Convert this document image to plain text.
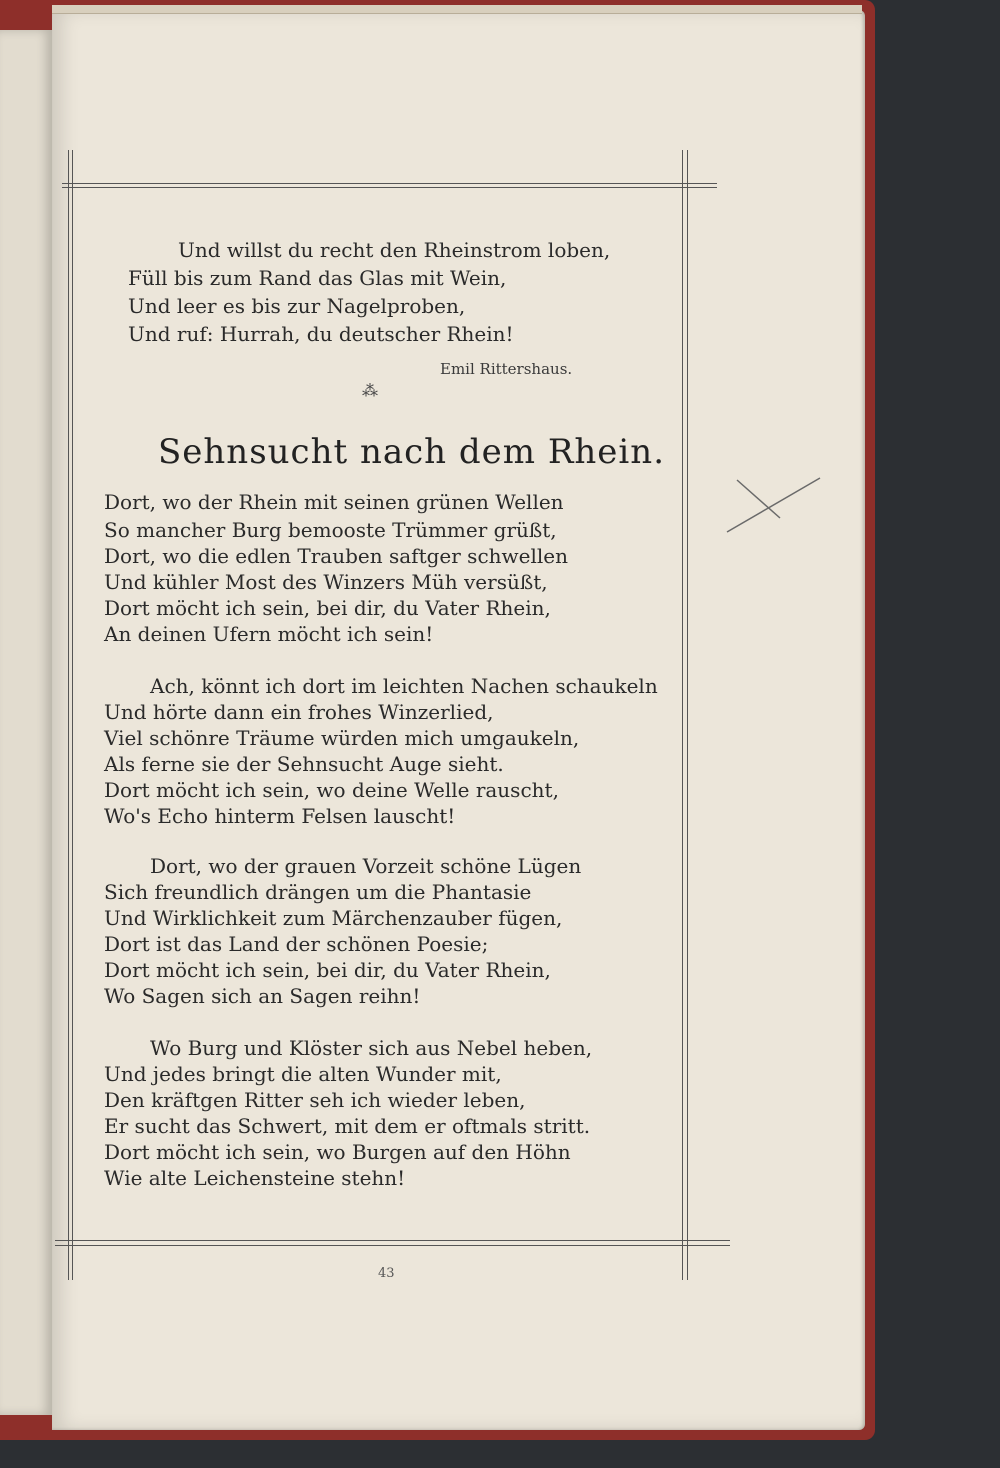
Und willst du recht den Rheinstrom loben,
Füll bis zum Rand das Glas mit Wein,
Und leer es bis zur Nagelproben,
Und ruf: Hurrah, du deutscher Rhein!
Emil Rittershaus.
⁂
Sehnsucht nach dem Rhein.
Dort, wo der Rhein mit seinen grünen Wellen
So mancher Burg bemooste Trümmer grüßt,
Dort, wo die edlen Trauben saftger schwellen
Und kühler Most des Winzers Müh versüßt,
Dort möcht ich sein, bei dir, du Vater Rhein,
An deinen Ufern möcht ich sein!
Ach, könnt ich dort im leichten Nachen schaukeln
Und hörte dann ein frohes Winzerlied,
Viel schönre Träume würden mich umgaukeln,
Als ferne sie der Sehnsucht Auge sieht.
Dort möcht ich sein, wo deine Welle rauscht,
Wo's Echo hinterm Felsen lauscht!
Dort, wo der grauen Vorzeit schöne Lügen
Sich freundlich drängen um die Phantasie
Und Wirklichkeit zum Märchenzauber fügen,
Dort ist das Land der schönen Poesie;
Dort möcht ich sein, bei dir, du Vater Rhein,
Wo Sagen sich an Sagen reihn!
Wo Burg und Klöster sich aus Nebel heben,
Und jedes bringt die alten Wunder mit,
Den kräftgen Ritter seh ich wieder leben,
Er sucht das Schwert, mit dem er oftmals stritt.
Dort möcht ich sein, wo Burgen auf den Höhn
Wie alte Leichensteine stehn!
43
